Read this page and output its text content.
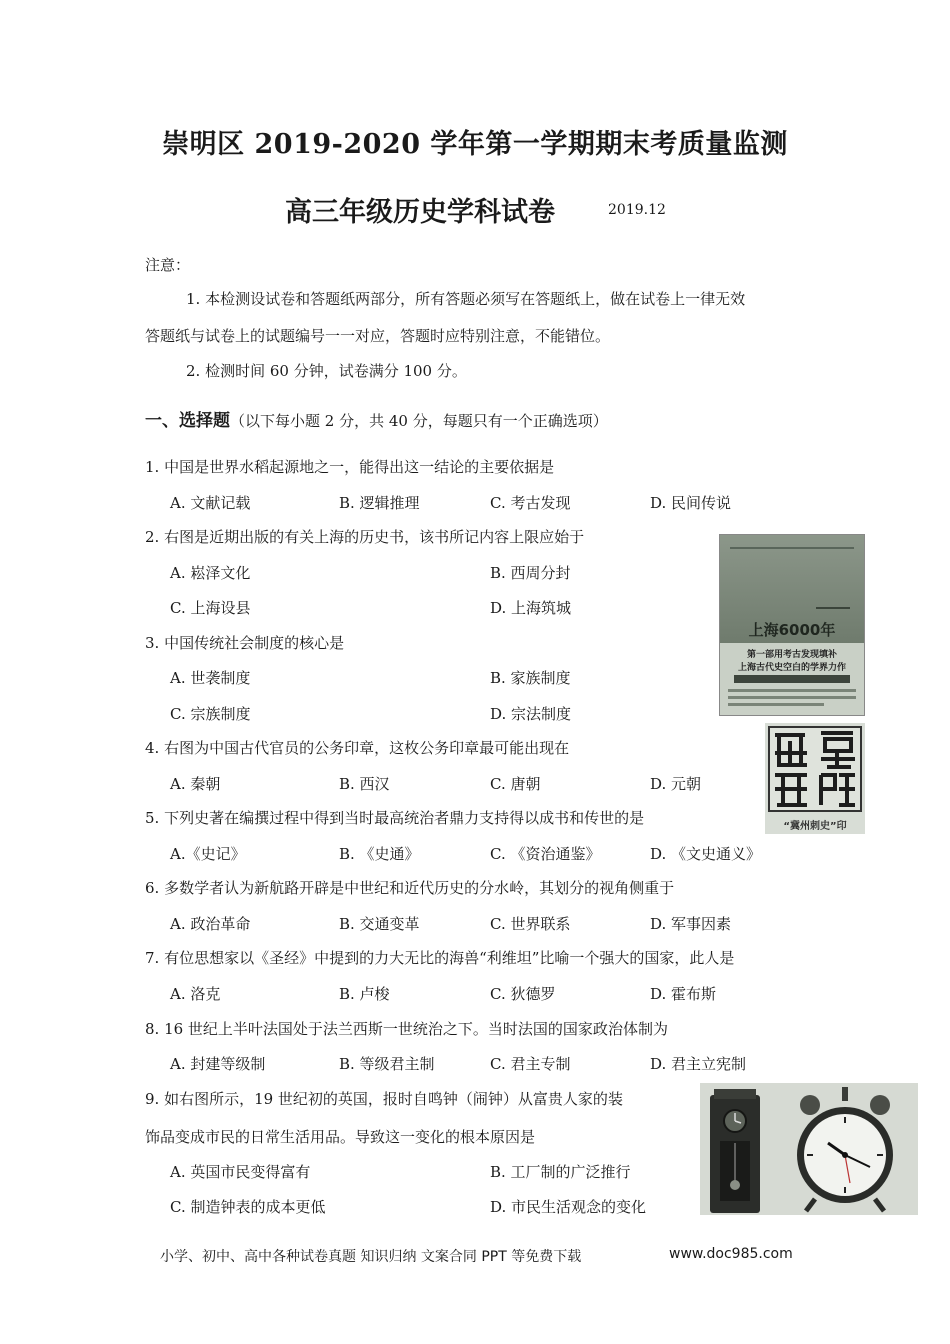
崇明区 2019-2020 学年第一学期期末考质量监测
高三年级历史学科试卷	2019.12
注意：
1. 本检测设试卷和答题纸两部分，所有答题必须写在答题纸上，做在试卷上一律无效
答题纸与试卷上的试题编号一一对应，答题时应特别注意，不能错位。
2. 检测时间 60 分钟，试卷满分 100 分。
一、选择题（以下每小题 2 分，共 40 分，每题只有一个正确选项）
1. 中国是世界水稻起源地之一，能得出这一结论的主要依据是
A. 文献记载	B. 逻辑推理	C. 考古发现	D. 民间传说
2. 右图是近期出版的有关上海的历史书，该书所记内容上限应始于
A. 崧泽文化	B. 西周分封
C. 上海设县	D. 上海筑城
3. 中国传统社会制度的核心是
A. 世袭制度	B. 家族制度
C. 宗族制度	D. 宗法制度
4. 右图为中国古代官员的公务印章，这枚公务印章最可能出现在
A. 秦朝	B. 西汉	C. 唐朝	D. 元朝
5. 下列史著在编撰过程中得到当时最高统治者鼎力支持得以成书和传世的是
A.《史记》	B. 《史通》	C. 《资治通鉴》	D. 《文史通义》
6. 多数学者认为新航路开辟是中世纪和近代历史的分水岭，其划分的视角侧重于
A. 政治革命	B. 交通变革	C. 世界联系	D. 军事因素
7. 有位思想家以《圣经》中提到的力大无比的海兽“利维坦”比喻一个强大的国家，此人是
A. 洛克	B. 卢梭	C. 狄德罗	D. 霍布斯
8. 16 世纪上半叶法国处于法兰西斯一世统治之下。当时法国的国家政治体制为
A. 封建等级制	B. 等级君主制	C. 君主专制	D. 君主立宪制
9. 如右图所示，19 世纪初的英国，报时自鸣钟（闹钟）从富贵人家的装
饰品变成市民的日常生活用品。导致这一变化的根本原因是
A. 英国市民变得富有	B. 工厂制的广泛推行
C. 制造钟表的成本更低	D. 市民生活观念的变化
上海6000年
第一部用考古发现填补
上海古代史空白的学界力作
“冀州刺史”印
小学、初中、高中各种试卷真题 知识归纳 文案合同 PPT 等免费下载	www.doc985.com
